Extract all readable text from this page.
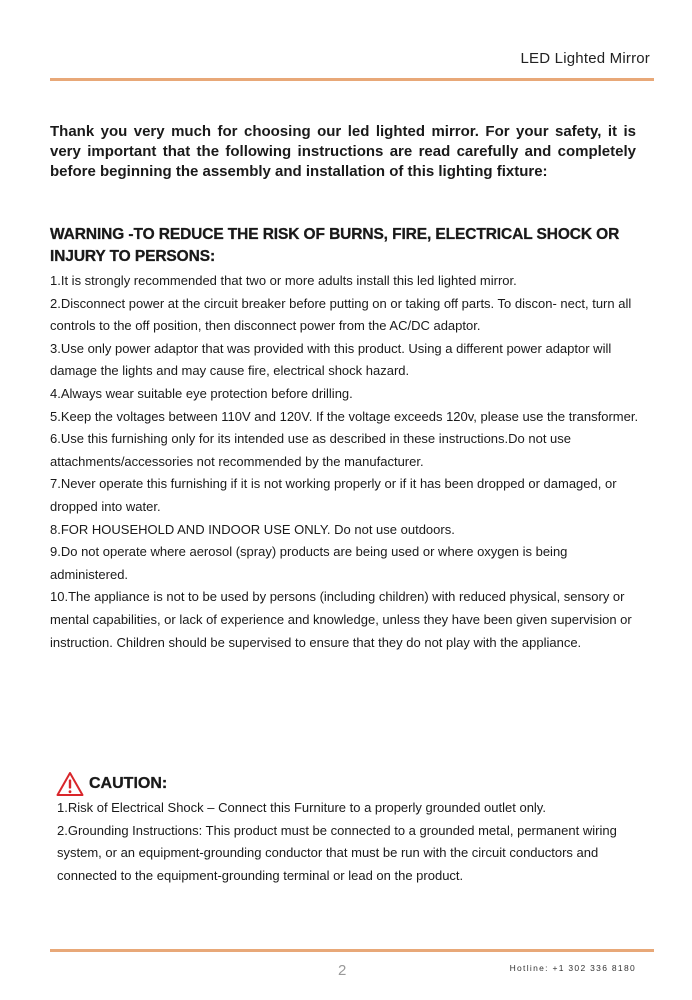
LED Lighted Mirror

Thank you very much for choosing our led lighted mirror. For your safety, it is very important that the following instructions are read carefully and completely before beginning the assembly and installation of this lighting fixture:

WARNING -TO REDUCE THE RISK OF BURNS, FIRE, ELECTRICAL SHOCK OR INJURY TO PERSONS:

1.It is strongly recommended that two or more adults install this led lighted mirror.
2.Disconnect power at the circuit breaker before putting on or taking off parts. To discon- nect, turn all controls to the off position, then disconnect power from the AC/DC adaptor.
3.Use only power adaptor that was provided with this product. Using a different power adaptor will damage the lights and may cause fire, electrical shock hazard.
4.Always wear suitable eye protection before drilling.
5.Keep the voltages between 110V and 120V. If the voltage exceeds 120v, please use the transformer.
6.Use this furnishing only for its intended use as described in these instructions.Do not use attachments/accessories not recommended by the manufacturer.
7.Never operate this furnishing if it is not working properly or if it has been dropped or damaged, or dropped into water.
8.FOR HOUSEHOLD AND INDOOR USE ONLY. Do not use outdoors.
9.Do not operate where aerosol (spray) products are being used or where oxygen is being administered.
10.The appliance is not to be used by persons (including children) with reduced physical, sensory or mental capabilities, or lack of experience and knowledge, unless they have been given supervision or instruction. Children should be supervised to ensure that they do not play with the appliance.
CAUTION:
1.Risk of Electrical Shock – Connect this Furniture to a properly grounded outlet only.
2.Grounding Instructions: This product must be connected to a grounded metal, permanent wiring system, or an equipment-grounding conductor that must be run with the circuit conductors and connected to the equipment-grounding terminal or lead on the product.
2	Hotline: +1 302 336 8180
